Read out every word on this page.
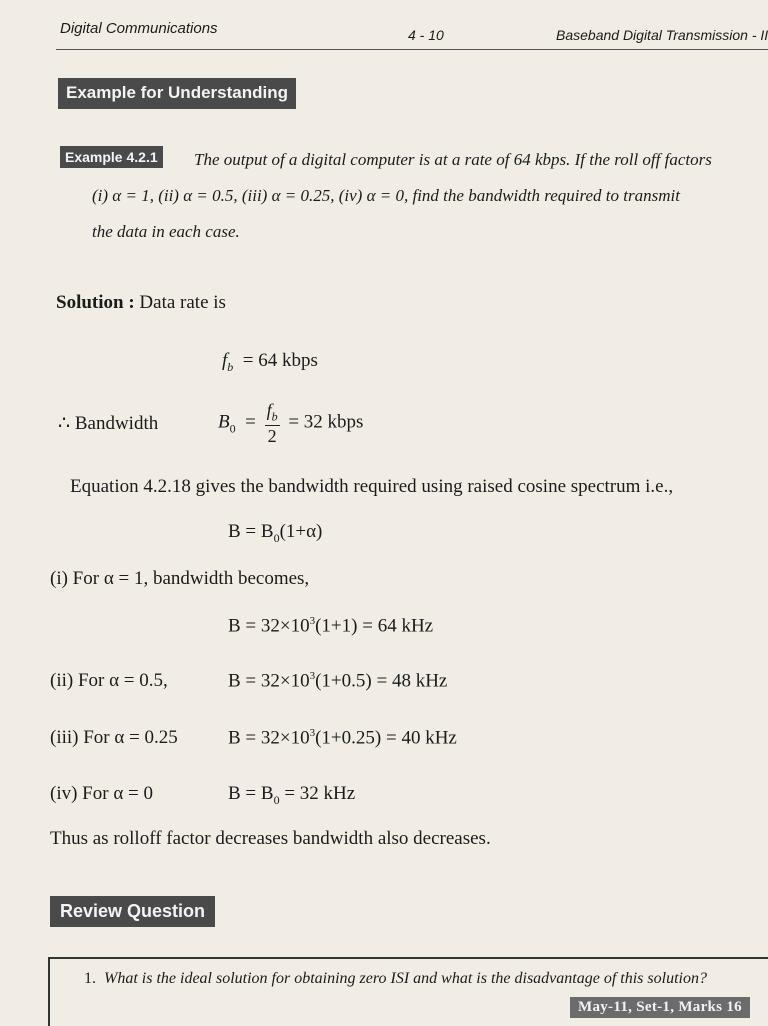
Digital Communications	4 - 10	Baseband Digital Transmission - II
Example for Understanding
Example 4.2.1 The output of a digital computer is at a rate of 64 kbps. If the roll off factors
(i) α = 1, (ii) α = 0.5, (iii) α = 0.25, (iv) α = 0, find the bandwidth required to transmit
the data in each case.
Solution : Data rate is
$f_b = 64$ kbps
∴ Bandwidth	$B_0 = \frac{f_b}{2} = 32$ kbps
Equation 4.2.18 gives the bandwidth required using raised cosine spectrum i.e.,
$B = B_0(1+\alpha)$
(i) For α = 1, bandwidth becomes,
$B = 32\times 10^3(1+1) = 64$ kHz
(ii) For α = 0.5,	$B = 32\times 10^3(1+0.5) = 48$ kHz
(iii) For α = 0.25	$B = 32\times 10^3(1+0.25) = 40$ kHz
(iv) For α = 0	$B = B_0 = 32$ kHz
Thus as rolloff factor decreases bandwidth also decreases.
Review Question
1. What is the ideal solution for obtaining zero ISI and what is the disadvantage of this solution?
May-11, Set-1, Marks 16
